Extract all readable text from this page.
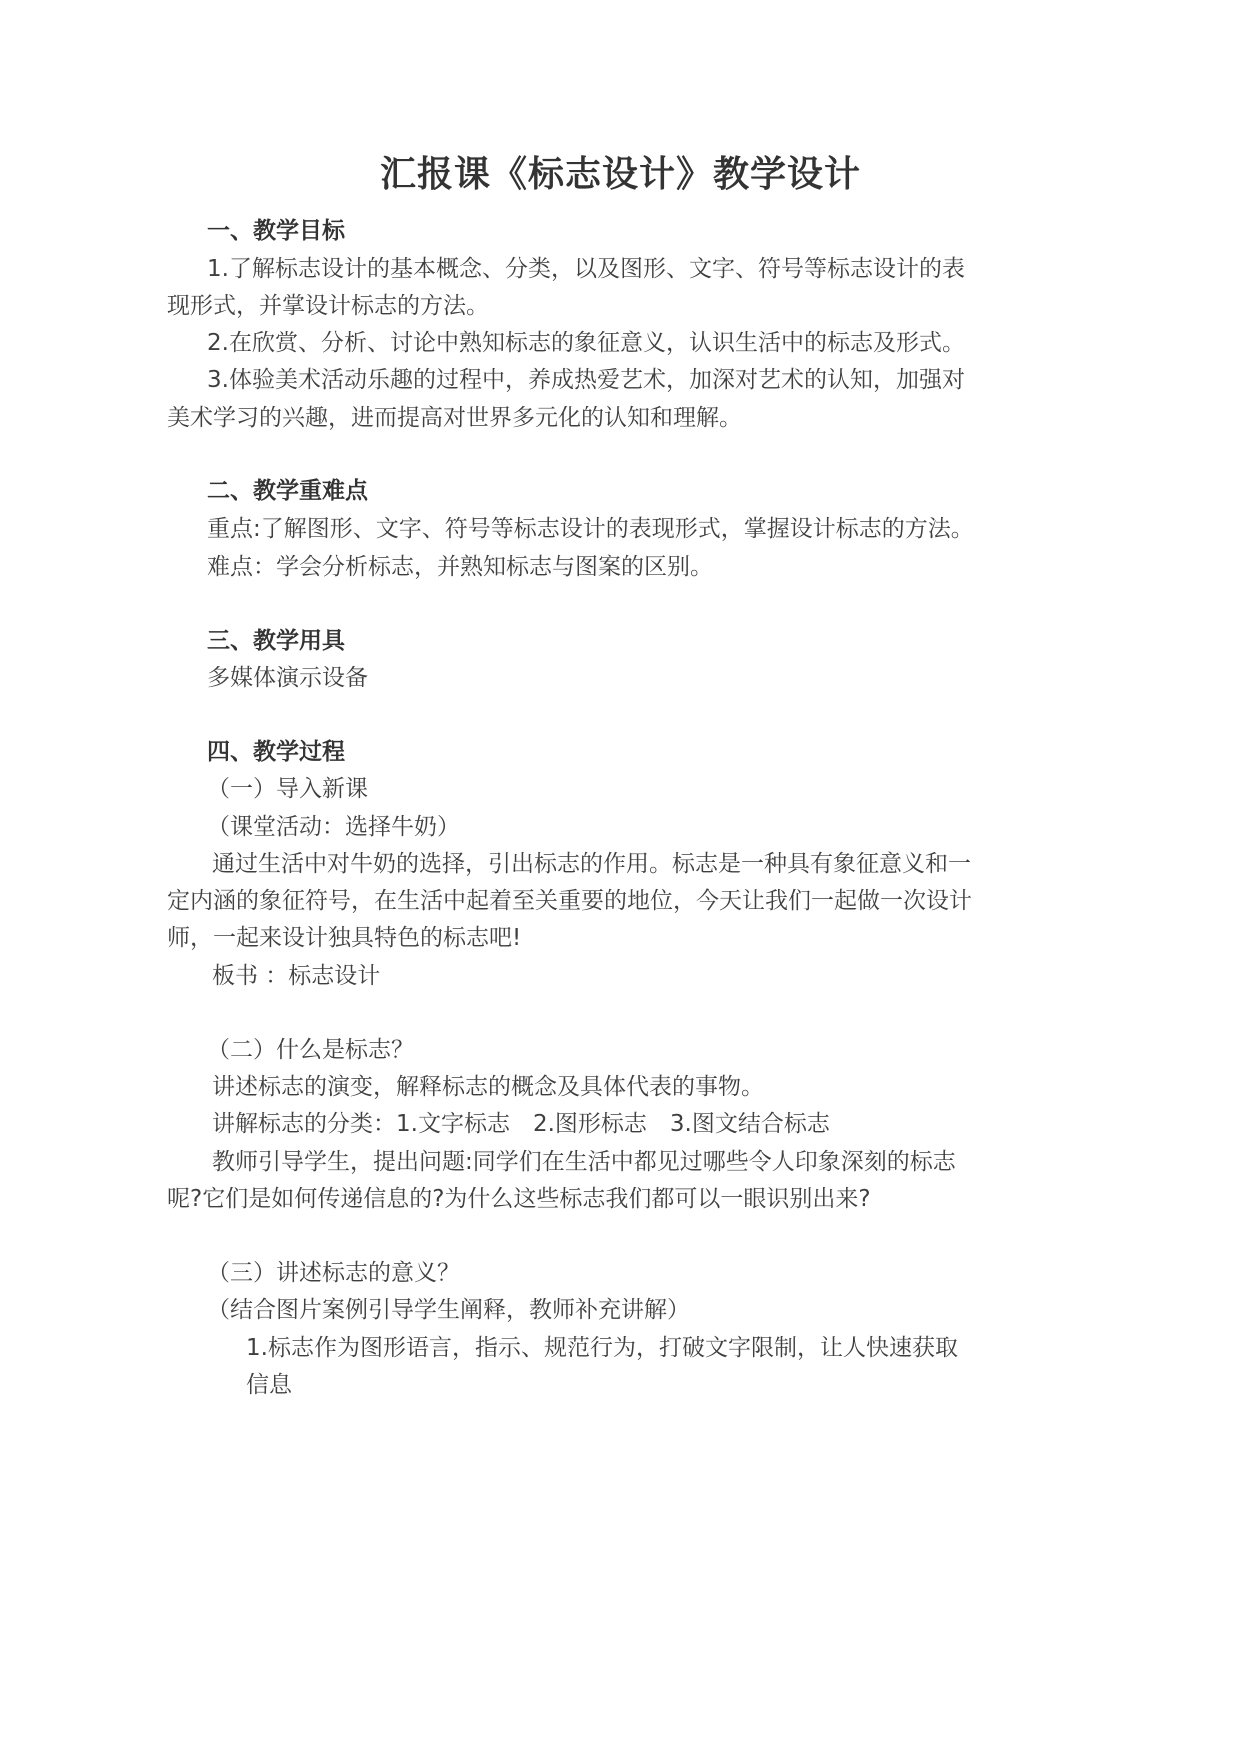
汇报课《标志设计》教学设计
一、教学目标
1.了解标志设计的基本概念、分类，以及图形、文字、符号等标志设计的表
现形式，并掌设计标志的方法。
2.在欣赏、分析、讨论中熟知标志的象征意义，认识生活中的标志及形式。
3.体验美术活动乐趣的过程中，养成热爱艺术，加深对艺术的认知，加强对
美术学习的兴趣，进而提高对世界多元化的认知和理解。
二、教学重难点
重点:了解图形、文字、符号等标志设计的表现形式，掌握设计标志的方法。
难点：学会分析标志，并熟知标志与图案的区别。
三、教学用具
多媒体演示设备
四、教学过程
（一）导入新课
（课堂活动：选择牛奶）
通过生活中对牛奶的选择，引出标志的作用。标志是一种具有象征意义和一
定内涵的象征符号，在生活中起着至关重要的地位，今天让我们一起做一次设计
师，一起来设计独具特色的标志吧!
板书 ：标志设计
（二）什么是标志？
讲述标志的演变，解释标志的概念及具体代表的事物。
讲解标志的分类：1.文字标志　2.图形标志　3.图文结合标志
教师引导学生，提出问题:同学们在生活中都见过哪些令人印象深刻的标志
呢?它们是如何传递信息的?为什么这些标志我们都可以一眼识别出来?
（三）讲述标志的意义？
（结合图片案例引导学生阐释，教师补充讲解）
1.标志作为图形语言，指示、规范行为，打破文字限制，让人快速获取
信息
